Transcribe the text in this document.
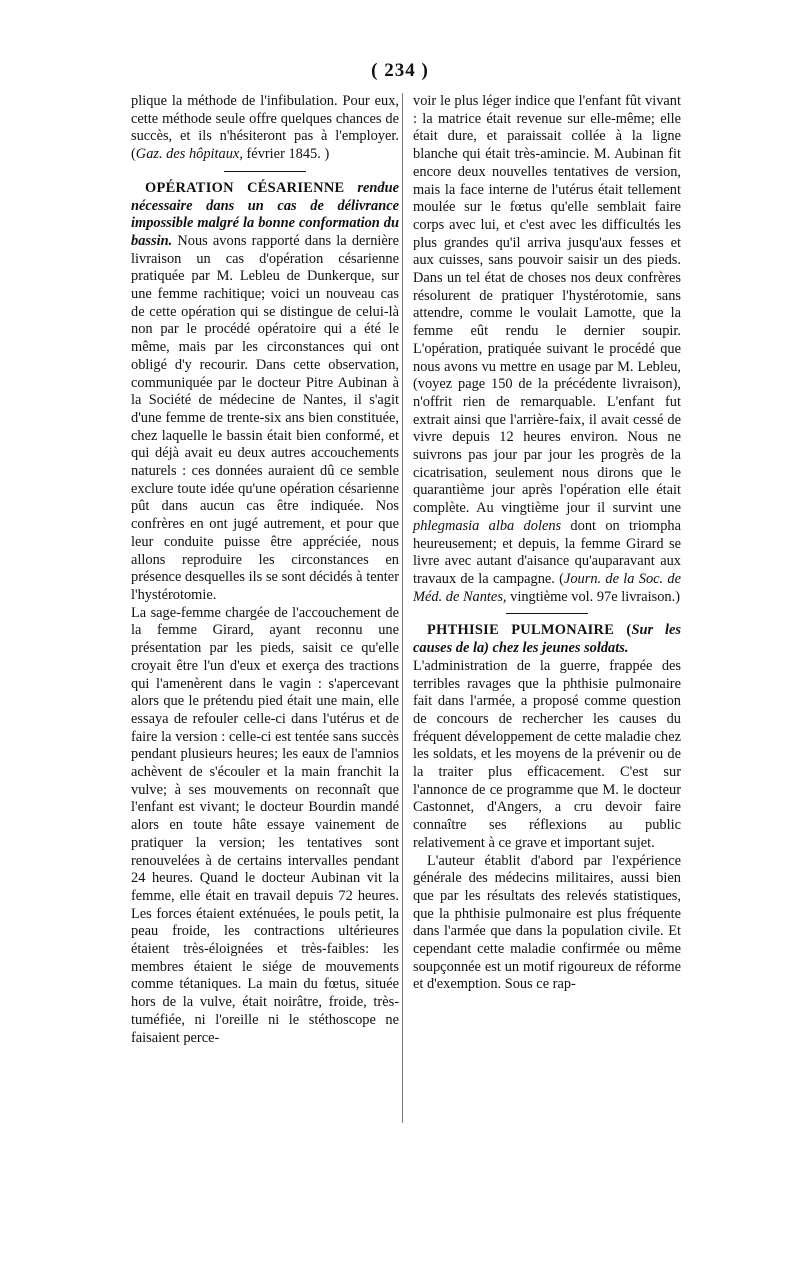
( 234 )

plique la méthode de l'infibulation. Pour eux, cette méthode seule offre quelques chances de succès, et ils n'hésiteront pas à l'employer. (Gaz. des hôpitaux, février 1845. )

OPÉRATION CÉSARIENNE rendue nécessaire dans un cas de délivrance impossible malgré la bonne conformation du bassin. Nous avons rapporté dans la dernière livraison un cas d'opération césarienne pratiquée par M. Lebleu de Dunkerque, sur une femme rachitique; voici un nouveau cas de cette opération qui se distingue de celui-là non par le procédé opératoire qui a été le même, mais par les circonstances qui ont obligé d'y recourir. Dans cette observation, communiquée par le docteur Pitre Aubinan à la Société de médecine de Nantes, il s'agit d'une femme de trente-six ans bien constituée, chez laquelle le bassin était bien conformé, et qui déjà avait eu deux autres accouchements naturels : ces données auraient dû ce semble exclure toute idée qu'une opération césarienne pût dans aucun cas être indiquée. Nos confrères en ont jugé autrement, et pour que leur conduite puisse être appréciée, nous allons reproduire les circonstances en présence desquelles ils se sont décidés à tenter l'hystérotomie.

La sage-femme chargée de l'accouchement de la femme Girard, ayant reconnu une présentation par les pieds, saisit ce qu'elle croyait être l'un d'eux et exerça des tractions qui l'amenèrent dans le vagin : s'apercevant alors que le prétendu pied était une main, elle essaya de refouler celle-ci dans l'utérus et de faire la version : celle-ci est tentée sans succès pendant plusieurs heures; les eaux de l'amnios achèvent de s'écouler et la main franchit la vulve; à ses mouvements on reconnaît que l'enfant est vivant; le docteur Bourdin mandé alors en toute hâte essaye vainement de pratiquer la version; les tentatives sont renouvelées à de certains intervalles pendant 24 heures. Quand le docteur Aubinan vit la femme, elle était en travail depuis 72 heures. Les forces étaient exténuées, le pouls petit, la peau froide, les contractions ultérieures étaient très-éloignées et très-faibles: les membres étaient le siége de mouvements comme tétaniques. La main du fœtus, située hors de la vulve, était noirâtre, froide, très-tuméfiée, ni l'oreille ni le stéthoscope ne faisaient perce-

voir le plus léger indice que l'enfant fût vivant : la matrice était revenue sur elle-même; elle était dure, et paraissait collée à la ligne blanche qui était très-amincie. M. Aubinan fit encore deux nouvelles tentatives de version, mais la face interne de l'utérus était tellement moulée sur le fœtus qu'elle semblait faire corps avec lui, et c'est avec les difficultés les plus grandes qu'il arriva jusqu'aux fesses et aux cuisses, sans pouvoir saisir un des pieds. Dans un tel état de choses nos deux confrères résolurent de pratiquer l'hystérotomie, sans attendre, comme le voulait Lamotte, que la femme eût rendu le dernier soupir. L'opération, pratiquée suivant le procédé que nous avons vu mettre en usage par M. Lebleu, (voyez page 150 de la précédente livraison), n'offrit rien de remarquable. L'enfant fut extrait ainsi que l'arrière-faix, il avait cessé de vivre depuis 12 heures environ. Nous ne suivrons pas jour par jour les progrès de la cicatrisation, seulement nous dirons que le quarantième jour après l'opération elle était complète. Au vingtième jour il survint une phlegmasia alba dolens dont on triompha heureusement; et depuis, la femme Girard se livre avec autant d'aisance qu'auparavant aux travaux de la campagne. (Journ. de la Soc. de Méd. de Nantes, vingtième vol. 97e livraison.)

PHTHISIE PULMONAIRE (Sur les causes de la) chez les jeunes soldats.

L'administration de la guerre, frappée des terribles ravages que la phthisie pulmonaire fait dans l'armée, a proposé comme question de concours de rechercher les causes du fréquent développement de cette maladie chez les soldats, et les moyens de la prévenir ou de la traiter plus efficacement. C'est sur l'annonce de ce programme que M. le docteur Castonnet, d'Angers, a cru devoir faire connaître ses réflexions au public relativement à ce grave et important sujet.

L'auteur établit d'abord par l'expérience générale des médecins militaires, aussi bien que par les résultats des relevés statistiques, que la phthisie pulmonaire est plus fréquente dans l'armée que dans la population civile. Et cependant cette maladie confirmée ou même soupçonnée est un motif rigoureux de réforme et d'exemption. Sous ce rap-
